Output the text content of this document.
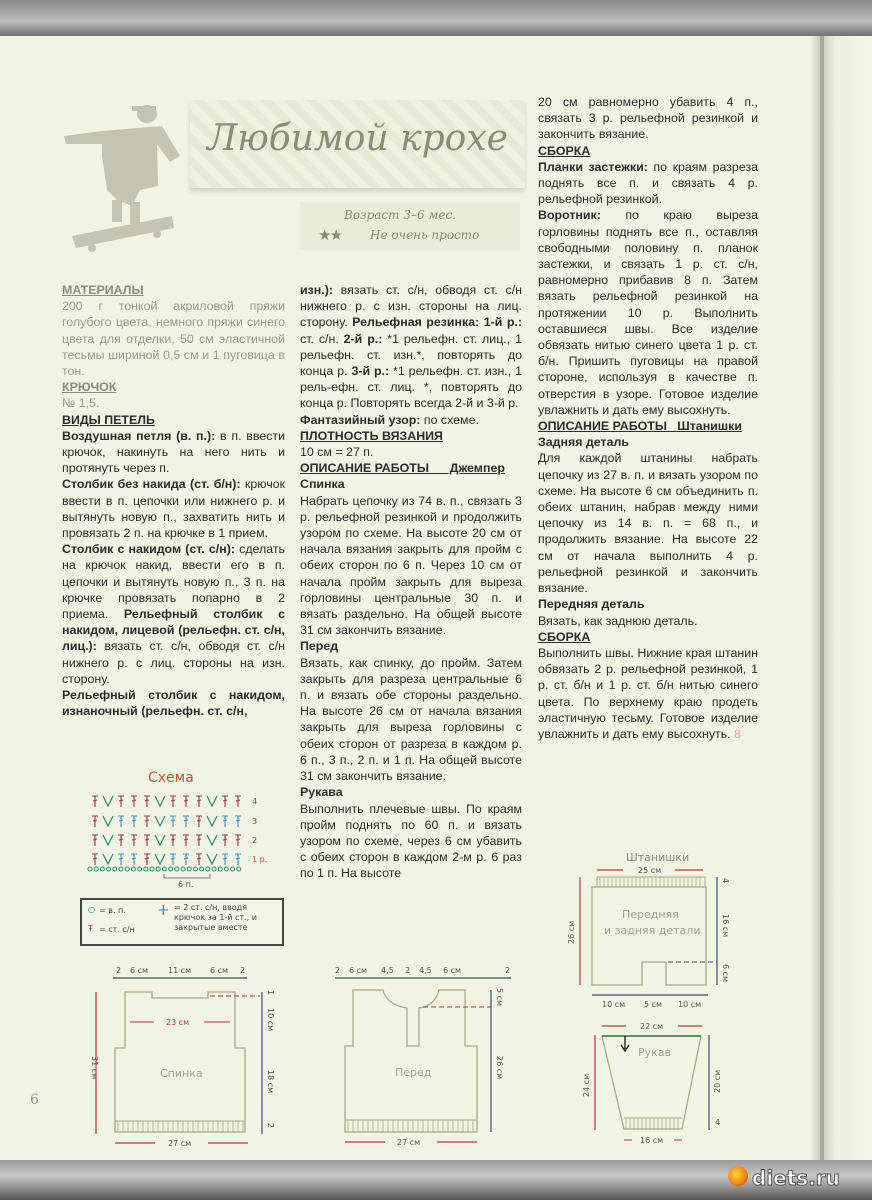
Любимой крохе
Возраст 3–6 мес.
★★ Не очень просто
МАТЕРИАЛЫ

200 г тонкой акриловой пряжи голубого цвета, немного пряжи синего цвета для отделки, 50 см эластичной тесьмы шириной 0,5 см и 1 пуговица в тон.

КРЮЧОК

№ 1,5.

ВИДЫ ПЕТЕЛЬ

Воздушная петля (в. п.): в п. ввести крючок, накинуть на него нить и протянуть через п.

Столбик без накида (ст. б/н): крючок ввести в п. цепочки или нижнего р. и вытянуть новую п., захватить нить и провязать 2 п. на крючке в 1 прием.

Столбик с накидом (ст. с/н): сделать на крючок накид, ввести его в п. цепочки и вытянуть новую п., 3 п. на крючке провязать попарно в 2 приема. Рельефный столбик с накидом, лицевой (рельефн. ст. с/н, лиц.): вязать ст. с/н, обводя ст. с/н нижнего р. с лиц. стороны на изн. сторону.

Рельефный столбик с накидом, изнаночный (рельефн. ст. с/н,

изн.): вязать ст. с/н, обводя ст. с/н нижнего р. с изн. стороны на лиц. сторону. Рельефная резинка: 1-й р.: ст. с/н. 2-й р.: *1 рельефн. ст. лиц., 1 рельефн. ст. изн.*, повторять до конца р. 3-й р.: *1 рельефн. ст. изн., 1 рель-ефн. ст. лиц. *, повторять до конца р. Повторять всегда 2-й и 3-й р.

Фантазийный узор: по схеме.

ПЛОТНОСТЬ ВЯЗАНИЯ

10 см = 27 п.

ОПИСАНИЕ РАБОТЫ      Джемпер
Спинка

Набрать цепочку из 74 в. п., связать 3 р. рельефной резинкой и продолжить узором по схеме. На высоте 20 см от начала вязания закрыть для пройм с обеих сторон по 6 п. Через 10 см от начала пройм закрыть для выреза горловины центральные 30 п. и вязать раздельно. На общей высоте 31 см закончить вязание.

Перед

Вязать, как спинку, до пройм. Затем закрыть для разреза центральные 6 п. и вязать обе стороны раздельно. На высоте 26 см от начала вязания закрыть для выреза горловины с обеих сторон от разреза в каждом р. 6 п., 3 п., 2 п. и 1 п. На общей высоте 31 см закончить вязание.

Рукава

Выполнить плечевые швы. По краям пройм поднять по 60 п. и вязать узором по схеме, через 6 см убавить с обеих сторон в каждом 2-м р. 6 раз по 1 п. На высоте

20 см равномерно убавить 4 п., связать 3 р. рельефной резинкой и закончить вязание.

СБОРКА

Планки застежки: по краям разреза поднять все п. и связать 4 р. рельефной резинкой.

Воротник: по краю выреза горловины поднять все п., оставляя свободными половину п. планок застежки, и связать 1 р. ст. с/н, равномерно прибавив 8 п. Затем вязать рельефной резинкой на протяжении 10 р. Выполнить оставшиеся швы. Все изделие обвязать нитью синего цвета 1 р. ст. б/н. Пришить пуговицы на правой стороне, используя в качестве п. отверстия в узоре. Готовое изделие увлажнить и дать ему высохнуть.

ОПИСАНИЕ РАБОТЫ   Штанишки
Задняя деталь

Для каждой штанины набрать цепочку из 27 в. п. и вязать узором по схеме. На высоте 6 см объединить п. обеих штанин, набрав между ними цепочку из 14 в. п. = 68 п., и продолжить вязание. На высоте 22 см от начала выполнить 4 р. рельефной резинкой и закончить вязание.

Передняя деталь

Вязать, как заднюю деталь.

СБОРКА

Выполнить швы. Нижние края штанин обвязать 2 р. рельефной резинкой, 1 р. ст. б/н и 1 р. ст. б/н нитью синего цвета. По верхнему краю продеть эластичную тесьму. Готовое изделие увлажнить и дать ему высохнуть. 8

Схема
4
3
2
1 р.
6 п.
○ = в. п.
Ŧ = ст. с/н
ⵜ = 2 ст. с/н, вводя крючок за 1-й ст., и закрытые вместе
2 6 см 11 см 6 см 2
23 см
31 см
1
10 см
18 см
2
Спинка
27 см
2 6 см 4,5 2 4,5 6 см	2
5 см
26 см
Перед
27 см
Штанишки
25 см
26 см
4
16 см
6 см
Передняя
и задняя детали
10 см 5 см 10 см
22 см
Рукав
24 см	20 см
4
16 см
6
diets.ru
